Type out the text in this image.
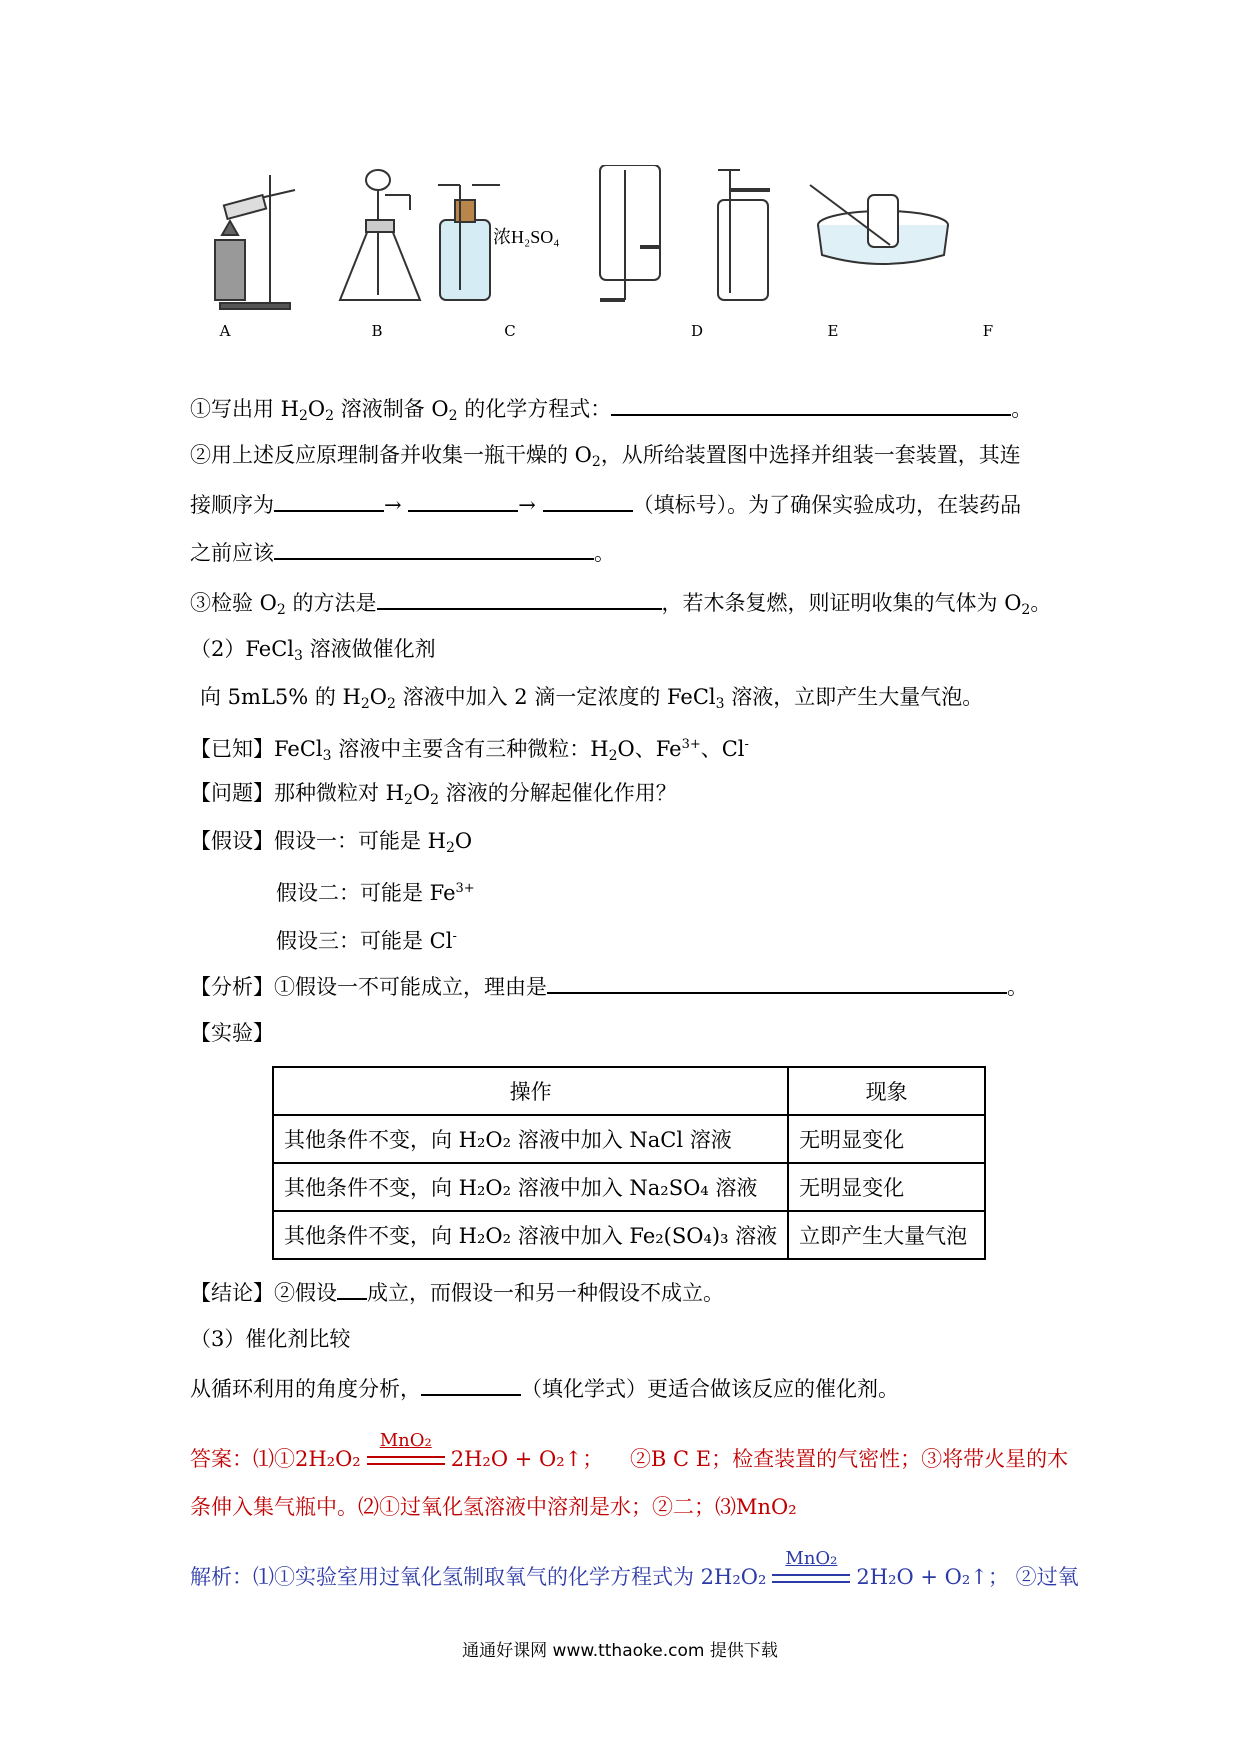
浓H₂SO₄
A	B	C	D	E	F
①写出用 $H_2O_2$ 溶液制备 $O_2$ 的化学方程式：	。
②用上述反应原理制备并收集一瓶干燥的 $O_2$，从所给装置图中选择并组装一套装置，其连
接顺序为	→	→	（填标号）。为了确保实验成功，在装药品
之前应该	。
③检验 $O_2$ 的方法是	，若木条复燃，则证明收集的气体为 $O_2$。
（2）FeCl$_3$ 溶液做催化剂
向 5mL5% 的 $H_2O_2$ 溶液中加入 2 滴一定浓度的 FeCl$_3$ 溶液，立即产生大量气泡。
【已知】FeCl$_3$ 溶液中主要含有三种微粒：$H_2O$、$Fe^{3+}$、Cl-
【问题】那种微粒对 $H_2O_2$ 溶液的分解起催化作用？
【假设】假设一：可能是 $H_2O$
假设二：可能是 $Fe^{3+}$
假设三：可能是 Cl-
【分析】①假设一不可能成立，理由是	。
【实验】
操作	现象
其他条件不变，向 H₂O₂ 溶液中加入 NaCl 溶液	无明显变化
其他条件不变，向 H₂O₂ 溶液中加入 Na₂SO₄ 溶液	无明显变化
其他条件不变，向 H₂O₂ 溶液中加入 Fe₂(SO₄)₃ 溶液	立即产生大量气泡
【结论】②假设 成立，而假设一和另一种假设不成立。
（3）催化剂比较
从循环利用的角度分析，	（填化学式）更适合做该反应的催化剂。
答案：⑴①2H₂O₂
MnO₂
2H₂O + O₂↑； ②B C E；检查装置的气密性；③将带火星的木
条伸入集气瓶中。⑵①过氧化氢溶液中溶剂是水；②二；⑶MnO₂
解析：⑴①实验室用过氧化氢制取氧气的化学方程式为 2H₂O₂
MnO₂
2H₂O + O₂↑； ②过氧
通通好课网 www.tthaoke.com 提供下载
